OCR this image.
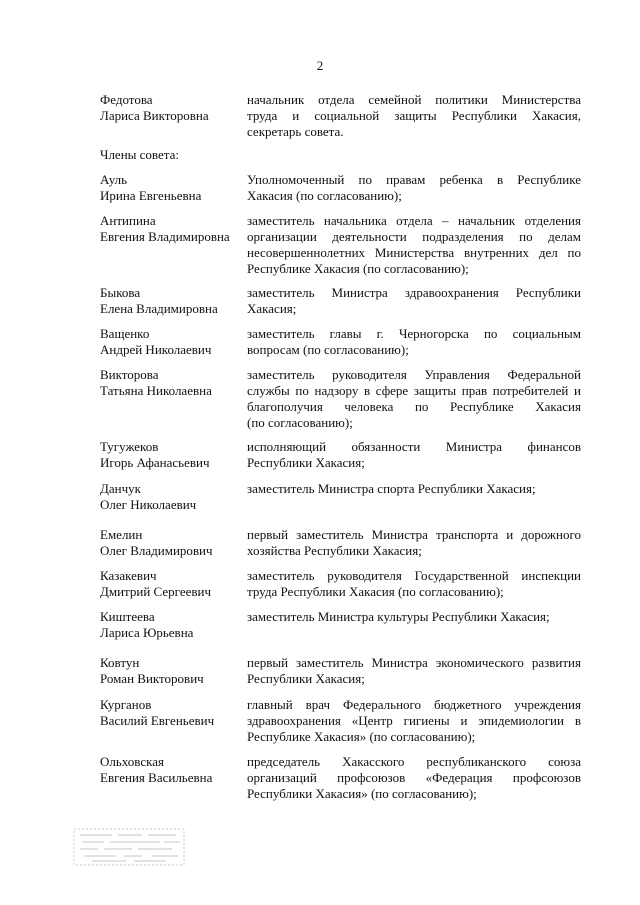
2
Федотова
Лариса Викторовна
начальник отдела семейной политики Министерства
труда и социальной защиты Республики Хакасия,
секретарь совета.
Члены совета:
Ауль
Ирина Евгеньевна
Уполномоченный по правам ребенка в Республике
Хакасия (по согласованию);
Антипина
Евгения Владимировна
заместитель начальника отдела – начальник отделения
организации деятельности подразделения по делам
несовершеннолетних Министерства внутренних дел по
Республике Хакасия (по согласованию);
Быкова
Елена Владимировна
заместитель Министра здравоохранения Республики
Хакасия;
Ващенко
Андрей Николаевич
заместитель главы г. Черногорска по социальным
вопросам (по согласованию);
Викторова
Татьяна Николаевна
заместитель руководителя Управления Федеральной
службы по надзору в сфере защиты прав потребителей и
благополучия человека по Республике Хакасия
(по согласованию);
Тугужеков
Игорь Афанасьевич
исполняющий обязанности Министра финансов
Республики Хакасия;
Данчук
Олег Николаевич
заместитель Министра спорта Республики Хакасия;
Емелин
Олег Владимирович
первый заместитель Министра транспорта и дорожного
хозяйства Республики Хакасия;
Казакевич
Дмитрий Сергеевич
заместитель руководителя Государственной инспекции
труда Республики Хакасия (по согласованию);
Киштеева
Лариса Юрьевна
заместитель Министра культуры Республики Хакасия;
Ковтун
Роман Викторович
первый заместитель Министра экономического развития
Республики Хакасия;
Курганов
Василий Евгеньевич
главный врач Федерального бюджетного учреждения
здравоохранения «Центр гигиены и эпидемиологии в
Республике Хакасия» (по согласованию);
Ольховская
Евгения Васильевна
председатель Хакасского республиканского союза
организаций профсоюзов «Федерация профсоюзов
Республики Хакасия» (по согласованию);
